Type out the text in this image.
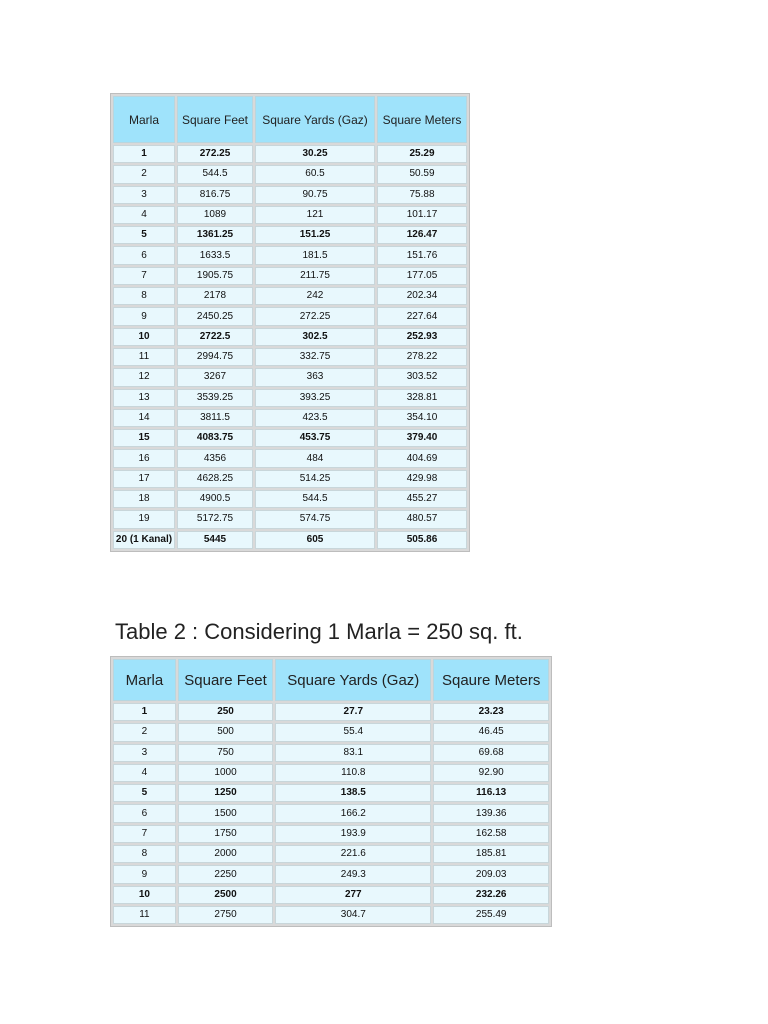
Marla	Square Feet	Square Yards (Gaz)	Square Meters
1	272.25	30.25	25.29
2	544.5	60.5	50.59
3	816.75	90.75	75.88
4	1089	121	101.17
5	1361.25	151.25	126.47
6	1633.5	181.5	151.76
7	1905.75	211.75	177.05
8	2178	242	202.34
9	2450.25	272.25	227.64
10	2722.5	302.5	252.93
11	2994.75	332.75	278.22
12	3267	363	303.52
13	3539.25	393.25	328.81
14	3811.5	423.5	354.10
15	4083.75	453.75	379.40
16	4356	484	404.69
17	4628.25	514.25	429.98
18	4900.5	544.5	455.27
19	5172.75	574.75	480.57
20 (1 Kanal)	5445	605	505.86
Table 2 : Considering 1 Marla = 250 sq. ft.
Marla	Square Feet	Square Yards (Gaz)	Sqaure Meters
1	250	27.7	23.23
2	500	55.4	46.45
3	750	83.1	69.68
4	1000	110.8	92.90
5	1250	138.5	116.13
6	1500	166.2	139.36
7	1750	193.9	162.58
8	2000	221.6	185.81
9	2250	249.3	209.03
10	2500	277	232.26
11	2750	304.7	255.49
